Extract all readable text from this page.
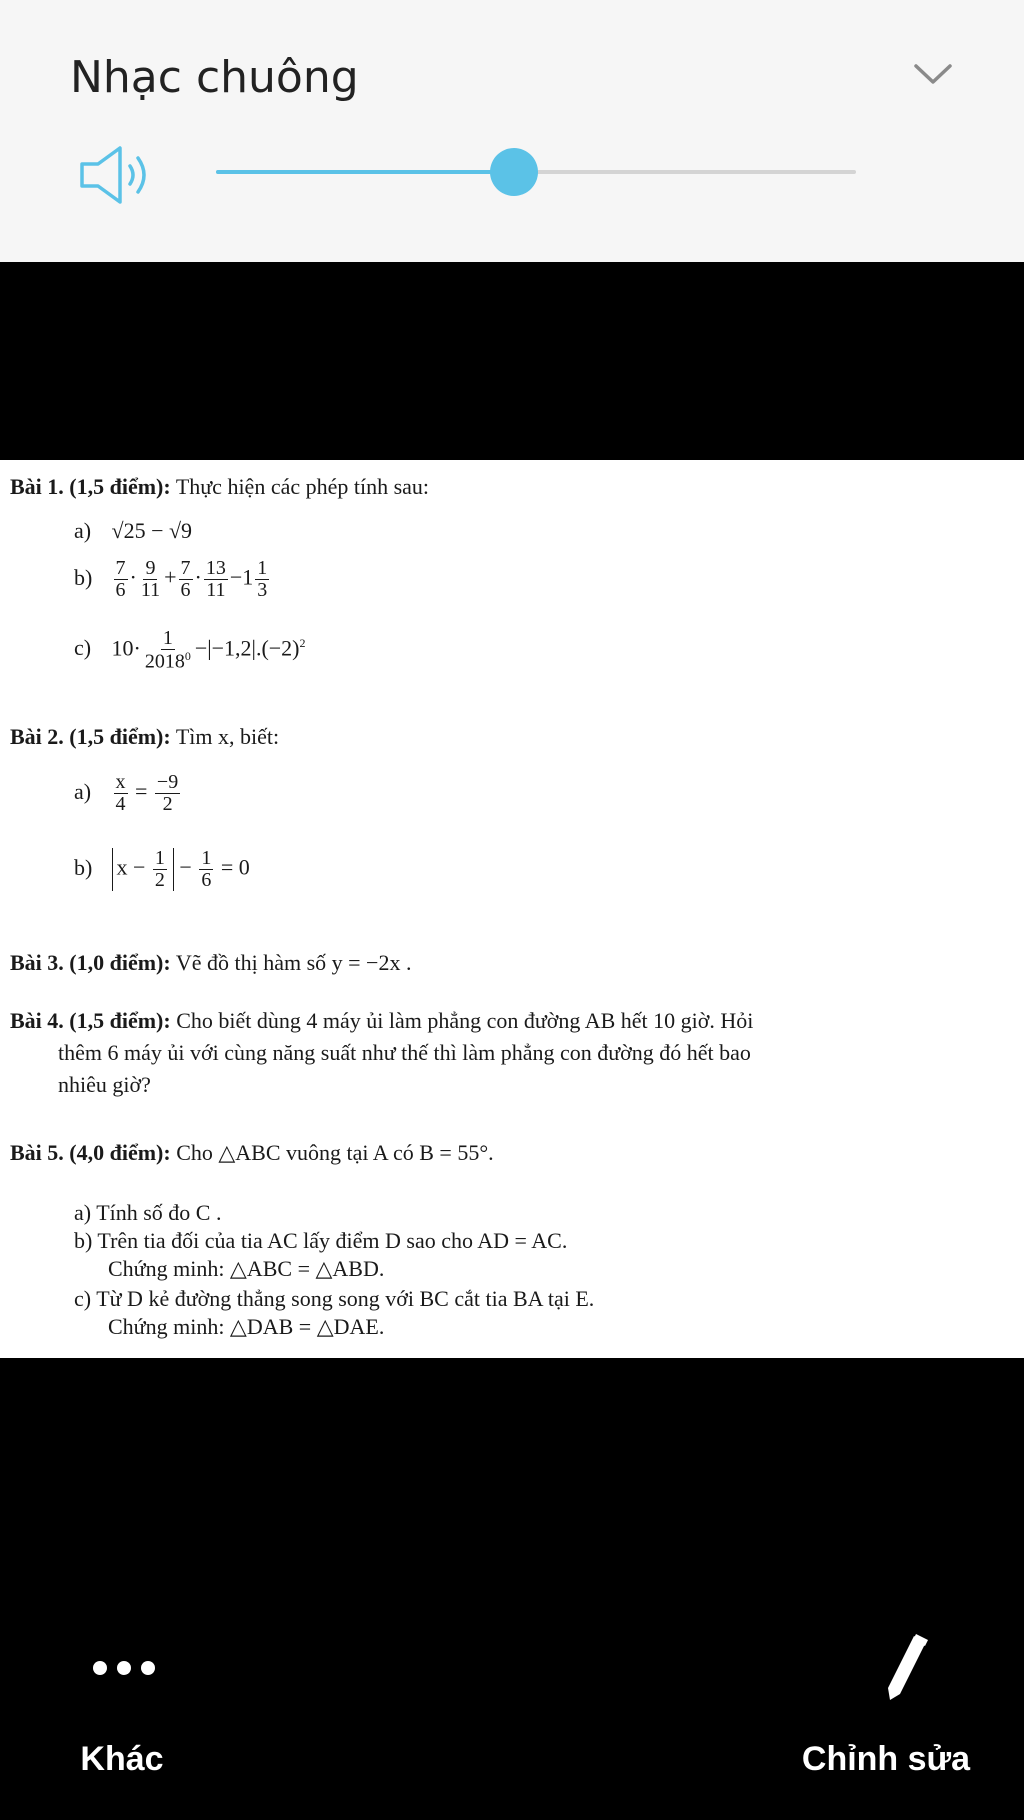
Nhạc chuông
Bài 1. (1,5 điểm): Thực hiện các phép tính sau:
a) √25 − √9
$b) \frac{7}{6} \cdot \frac{9}{11} + \frac{7}{6} \cdot \frac{13}{11} -1 \frac{1}{3}$
c) $10\cdot \frac{1}{2018^0} -|-1,2|.(-2)^2$
Bài 2. (1,5 điểm): Tìm x, biết:
$a) \frac{x}{4} = \frac{-9}{2}$
b) $x - \frac{1}{2} - \frac{1}{6} = 0$
Bài 3. (1,0 điểm): Vẽ đồ thị hàm số y = −2x .
Bài 4. (1,5 điểm): Cho biết dùng 4 máy ủi làm phẳng con đường AB hết 10 giờ. Hỏi
thêm 6 máy ủi với cùng năng suất như thế thì làm phẳng con đường đó hết bao
nhiêu giờ?
Bài 5. (4,0 điểm): Cho △ABC vuông tại A có B = 55°.
a) Tính số đo C .
b) Trên tia đối của tia AC lấy điểm D sao cho AD = AC.
Chứng minh: △ABC = △ABD.
c) Từ D kẻ đường thẳng song song với BC cắt tia BA tại E.
Chứng minh: △DAB = △DAE.
Khác	Chỉnh sửa
